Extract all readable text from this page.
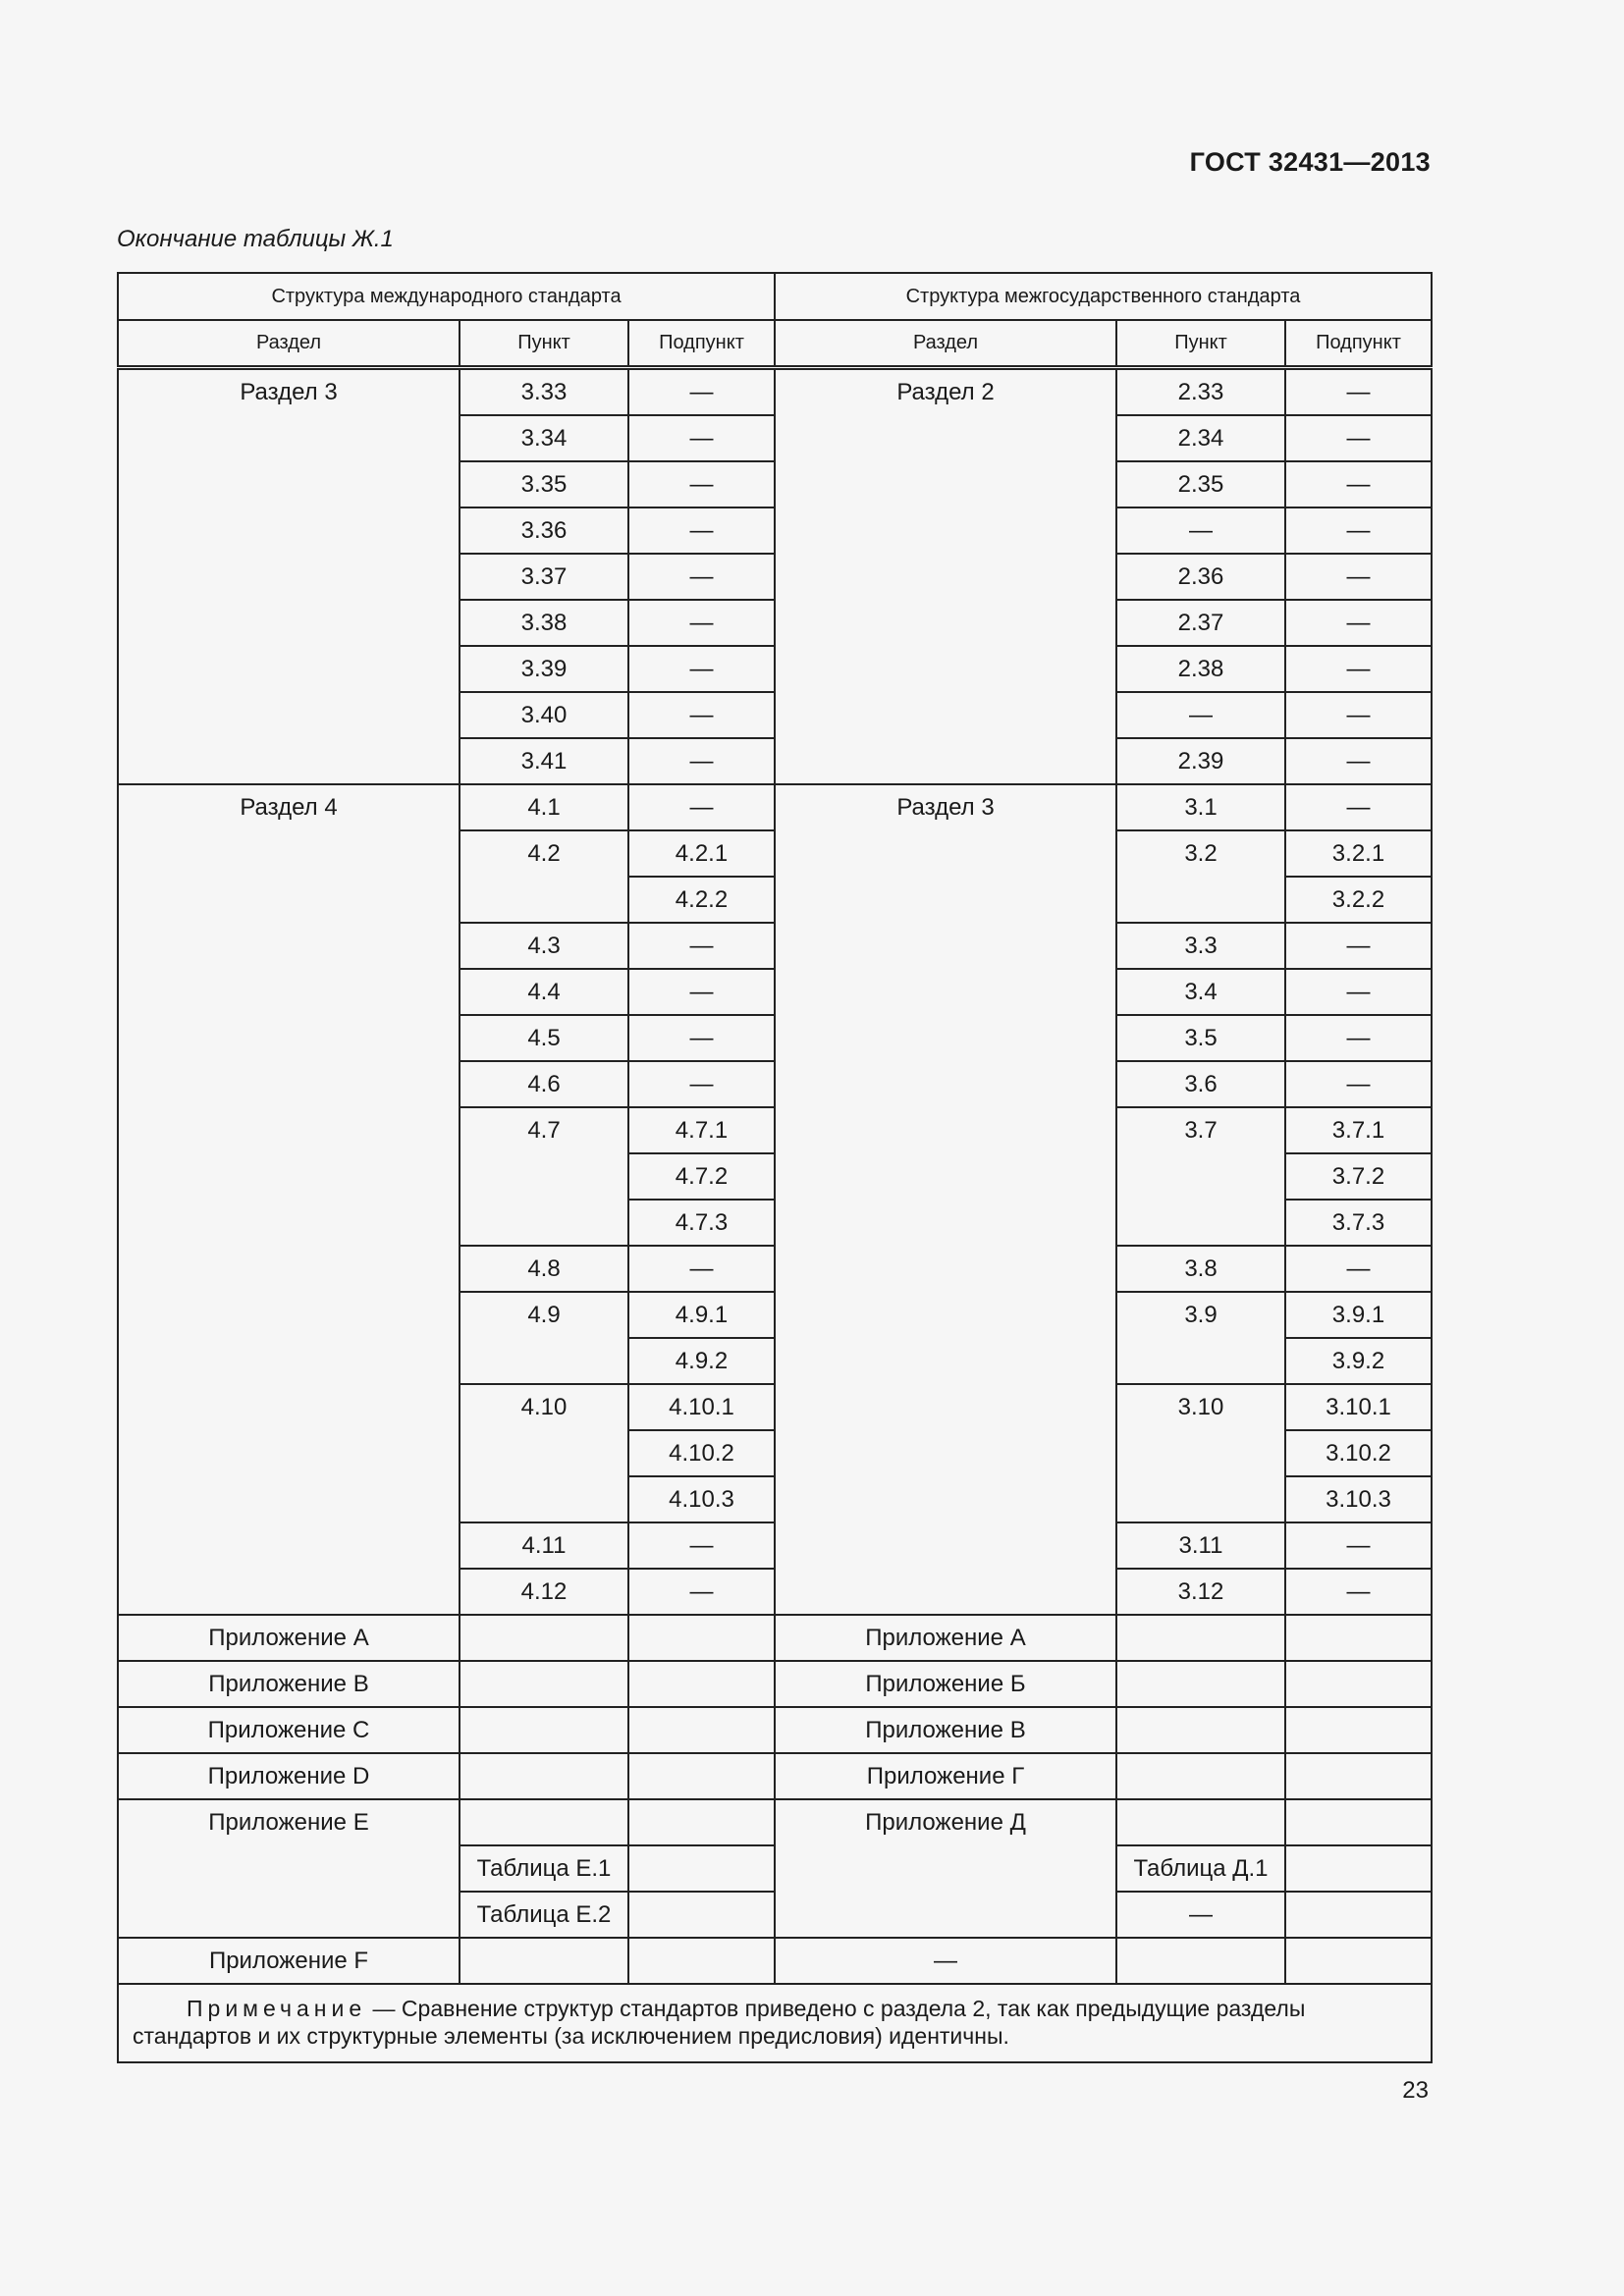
ГОСТ 32431—2013
Окончание таблицы Ж.1
Структура международного стандарта			Структура межгосударственного стандарта		
Раздел	Пункт	Подпункт	Раздел	Пункт	Подпункт
Раздел 3	3.33	—	Раздел 2	2.33	—
	3.34	—		2.34	—
	3.35	—		2.35	—
	3.36	—		—	—
	3.37	—		2.36	—
	3.38	—		2.37	—
	3.39	—		2.38	—
	3.40	—		—	—
	3.41	—		2.39	—
Раздел 4	4.1	—	Раздел 3	3.1	—
	4.2	4.2.1		3.2	3.2.1
		4.2.2			3.2.2
	4.3	—		3.3	—
	4.4	—		3.4	—
	4.5	—		3.5	—
	4.6	—		3.6	—
	4.7	4.7.1		3.7	3.7.1
		4.7.2			3.7.2
		4.7.3			3.7.3
	4.8	—		3.8	—
	4.9	4.9.1		3.9	3.9.1
		4.9.2			3.9.2
	4.10	4.10.1		3.10	3.10.1
		4.10.2			3.10.2
		4.10.3			3.10.3
	4.11	—		3.11	—
	4.12	—		3.12	—
Приложение A			Приложение А		
Приложение B			Приложение Б		
Приложение C			Приложение В		
Приложение D			Приложение Г		
Приложение E			Приложение Д		
	Таблица E.1			Таблица Д.1	
	Таблица E.2			—	
Приложение F			—		
Примечание — Сравнение структур стандартов приведено с раздела 2, так как предыдущие разделы стандартов и их структурные элементы (за исключением предисловия) идентичны.					
23
